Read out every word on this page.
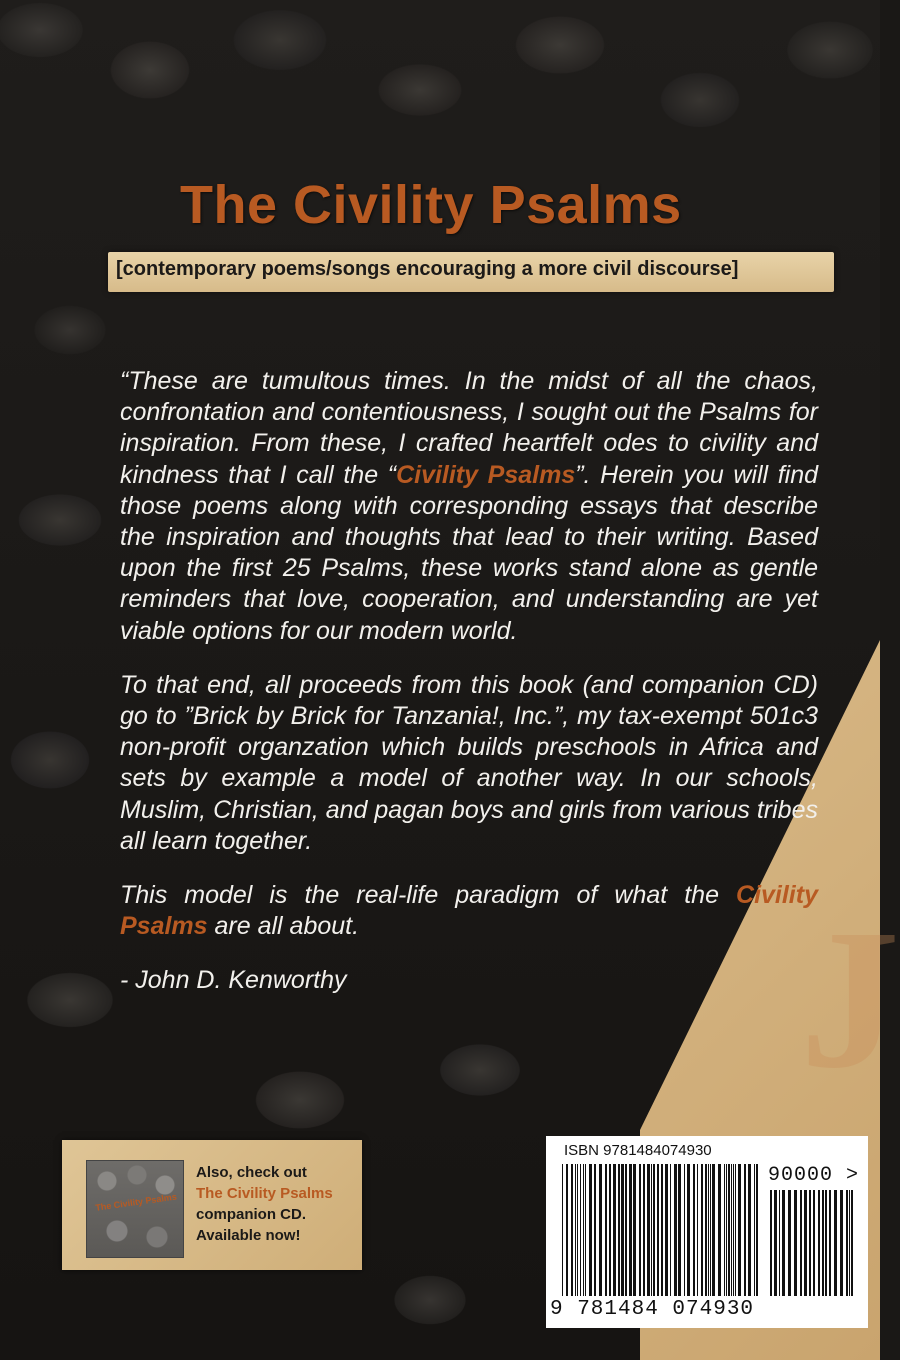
J
The Civility Psalms
[contemporary poems/songs encouraging a more civil discourse]

“These are tumultous times. In the midst of all the chaos, confrontation and contentiousness, I sought out the Psalms for inspiration. From these, I crafted heartfelt odes to civility and kindness that I call the “Civility Psalms”. Herein you will find those poems along with corresponding essays that describe the inspiration and thoughts that lead to their writing. Based upon the first 25 Psalms, these works stand alone as gentle reminders that love, cooperation, and understanding are yet viable options for our modern world.

To that end, all proceeds from this book (and companion CD) go to ”Brick by Brick for Tanzania!, Inc.”, my tax-exempt 501c3 non-profit organzation which builds preschools in Africa and sets by example a model of another way. In our schools, Muslim, Christian, and pagan boys and girls from various tribes all learn together.

This model is the real-life paradigm of what the Civility Psalms are all about.

- John D. Kenworthy

The Civility Psalms
Also, check out
The Civility Psalms
companion CD.
Available now!
ISBN 9781484074930
90000 >
9 781484 074930
